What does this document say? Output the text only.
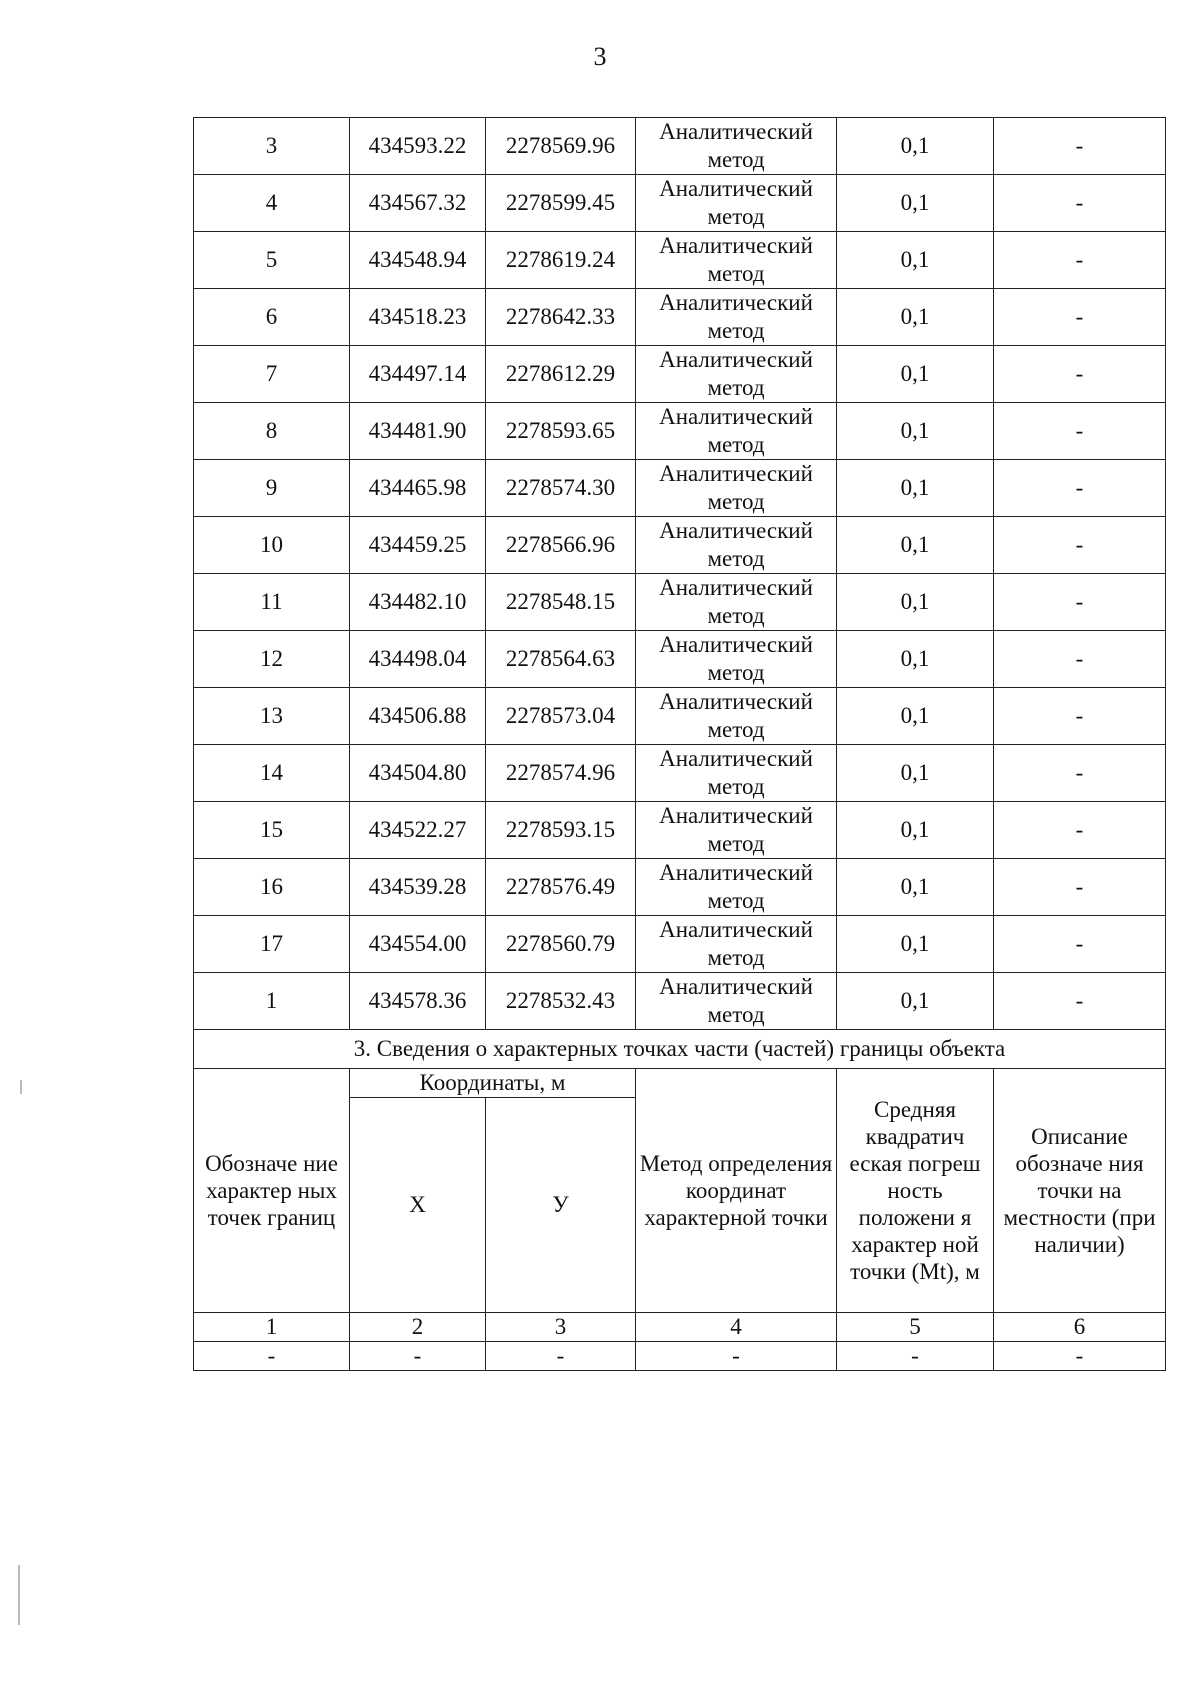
3
3	434593.22	2278569.96	Аналитический метод	0,1	-
4	434567.32	2278599.45	Аналитический метод	0,1	-
5	434548.94	2278619.24	Аналитический метод	0,1	-
6	434518.23	2278642.33	Аналитический метод	0,1	-
7	434497.14	2278612.29	Аналитический метод	0,1	-
8	434481.90	2278593.65	Аналитический метод	0,1	-
9	434465.98	2278574.30	Аналитический метод	0,1	-
10	434459.25	2278566.96	Аналитический метод	0,1	-
11	434482.10	2278548.15	Аналитический метод	0,1	-
12	434498.04	2278564.63	Аналитический метод	0,1	-
13	434506.88	2278573.04	Аналитический метод	0,1	-
14	434504.80	2278574.96	Аналитический метод	0,1	-
15	434522.27	2278593.15	Аналитический метод	0,1	-
16	434539.28	2278576.49	Аналитический метод	0,1	-
17	434554.00	2278560.79	Аналитический метод	0,1	-
1	434578.36	2278532.43	Аналитический метод	0,1	-
3. Сведения о характерных точках части (частей) границы объекта					
Обозначе ние характер ных точек границ	Координаты, м		Метод определения координат характерной точки	Средняя квадратич еская погреш ность положени я характер ной точки (Mt), м	Описание обозначе ния точки на местности (при наличии)
	Х	У			
1	2	3	4	5	6
-	-	-	-	-	-
